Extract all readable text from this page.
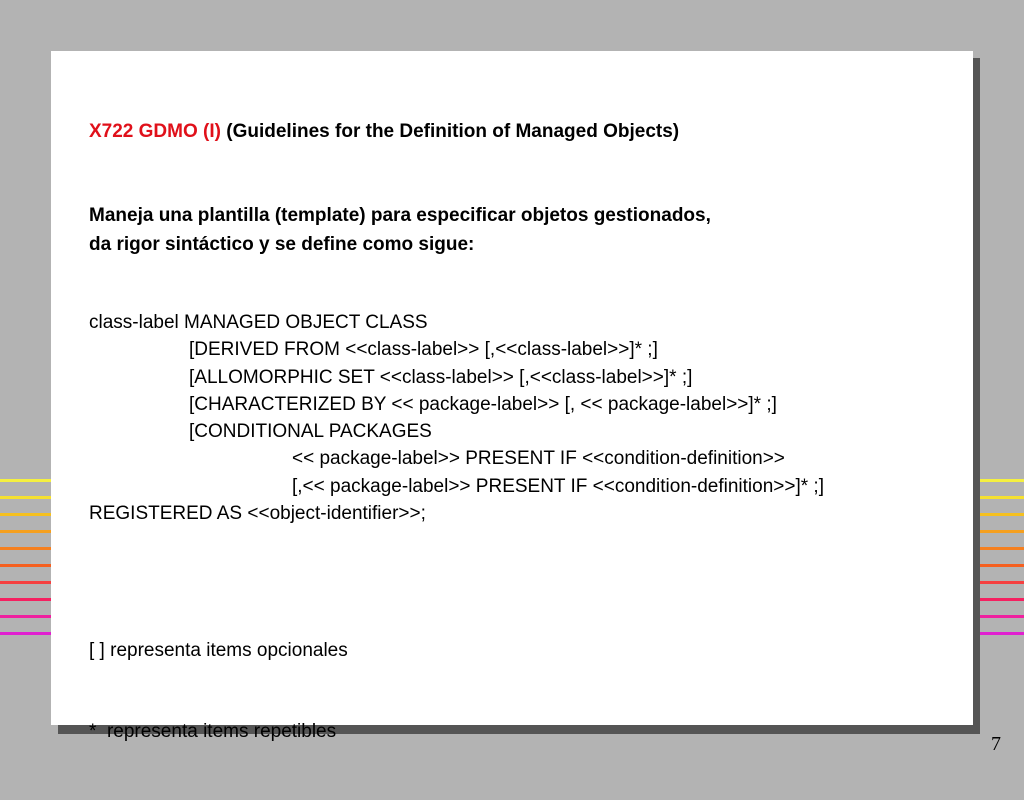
X722 GDMO (I) (Guidelines for the Definition of Managed Objects)
Maneja una plantilla (template) para especificar objetos gestionados,
da rigor sintáctico y se define como sigue:
class-label MANAGED OBJECT CLASS
[DERIVED FROM <<class-label>> [,<<class-label>>]* ;]
[ALLOMORPHIC SET <<class-label>> [,<<class-label>>]* ;]
[CHARACTERIZED BY << package-label>> [, << package-label>>]* ;]
[CONDITIONAL PACKAGES
<< package-label>> PRESENT IF <<condition-definition>>
[,<< package-label>> PRESENT IF <<condition-definition>>]* ;]
REGISTERED AS <<object-identifier>>;

[ ] representa items opcionales

*  representa items repetibles

7
